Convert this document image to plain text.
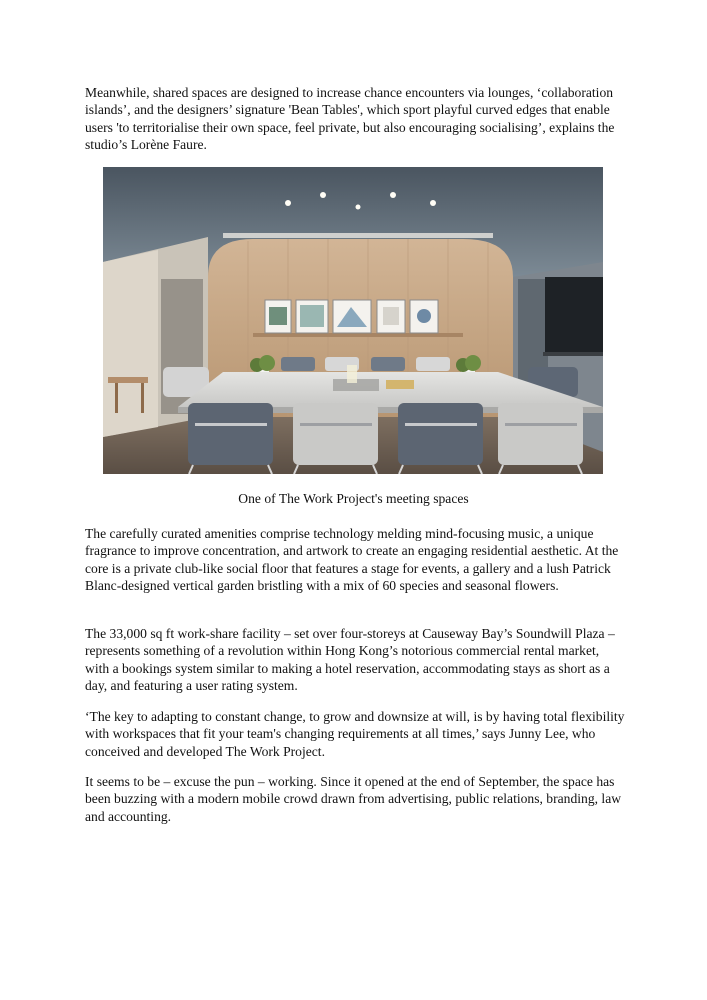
Meanwhile, shared spaces are designed to increase chance encounters via lounges, ‘collaboration islands’, and the designers’ signature 'Bean Tables', which sport playful curved edges that enable users 'to territorialise their own space, feel private, but also encouraging socialising’, explains the studio’s Lorène Faure.

One of The Work Project's meeting spaces

The carefully curated amenities comprise technology melding mind-focusing music, a unique fragrance to improve concentration, and artwork to create an engaging residential aesthetic. At the core is a private club-like social floor that features a stage for events, a gallery and a lush Patrick Blanc-designed vertical garden bristling with a mix of 60 species and seasonal flowers.

The 33,000 sq ft work-share facility – set over four-storeys at Causeway Bay’s Soundwill Plaza – represents something of a revolution within Hong Kong’s notorious commercial rental market, with a bookings system similar to making a hotel reservation, accommodating stays as short as a day, and featuring a user rating system.

‘The key to adapting to constant change, to grow and downsize at will, is by having total flexibility with workspaces that fit your team's changing requirements at all times,’ says Junny Lee, who conceived and developed The Work Project.

It seems to be – excuse the pun – working. Since it opened at the end of September, the space has been buzzing with a modern mobile crowd drawn from advertising, public relations, branding, law and accounting.
